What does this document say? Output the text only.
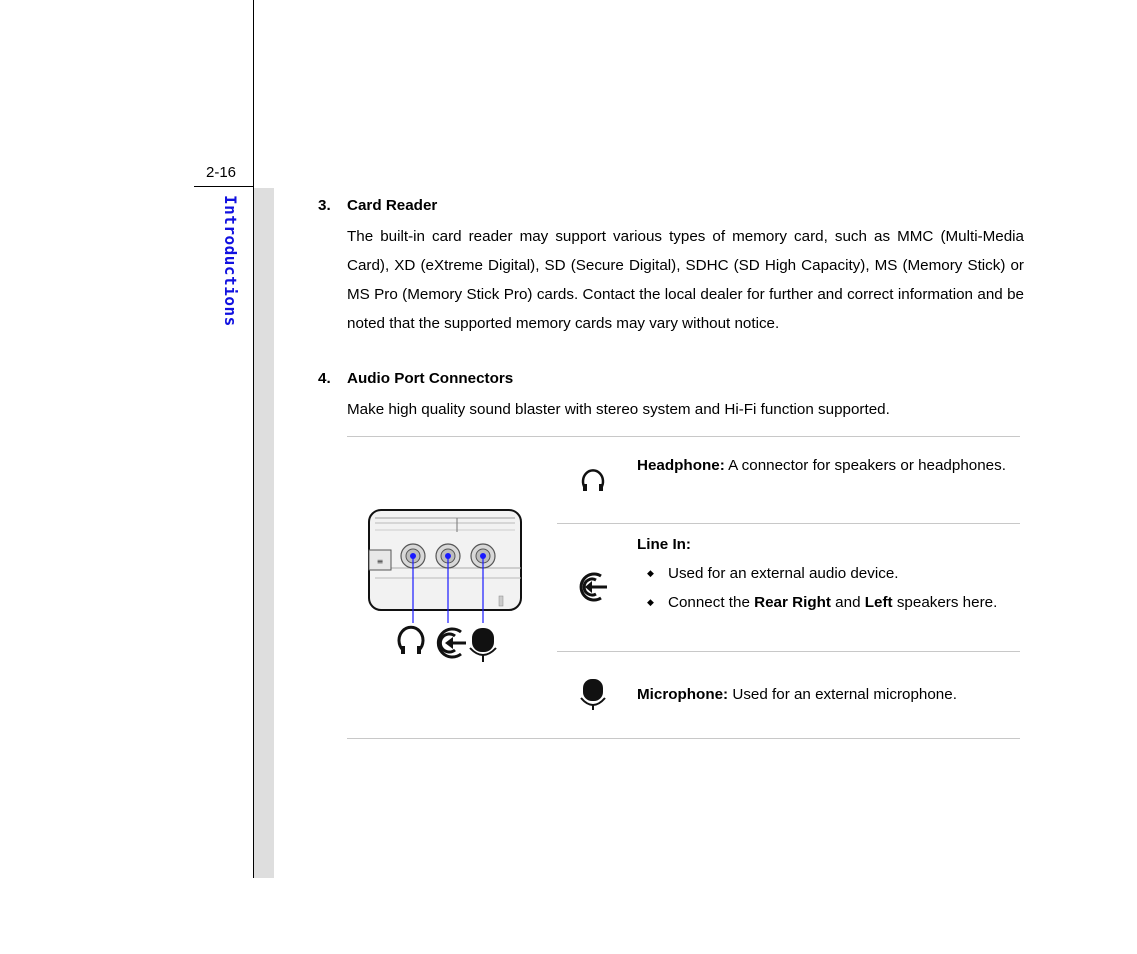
2-16
Introductions	3. Card Reader
The built-in card reader may support various types of memory card, such as MMC (Multi-Media Card), XD (eXtreme Digital), SD (Secure Digital), SDHC (SD High Capacity), MS (Memory Stick) or MS Pro (Memory Stick Pro) cards. Contact the local dealer for further and correct information and be noted that the supported memory cards may vary without notice.
4. Audio Port Connectors
Make high quality sound blaster with stereo system and Hi-Fi function supported.
≡
Headphone: A connector for speakers or headphones.
Line In:
◆ Used for an external audio device.
◆ Connect the Rear Right and Left speakers here.
Microphone: Used for an external microphone.
